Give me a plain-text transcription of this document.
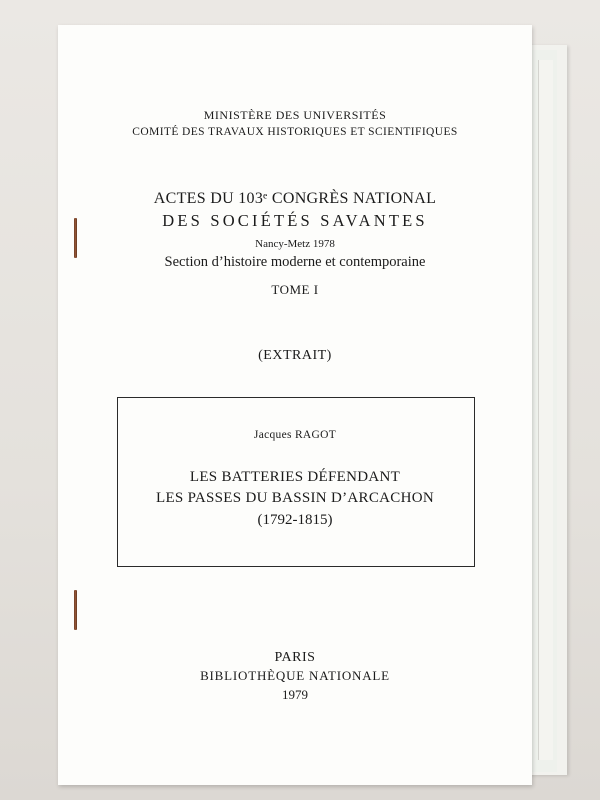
MINISTÈRE DES UNIVERSITÉS
COMITÉ DES TRAVAUX HISTORIQUES ET SCIENTIFIQUES
ACTES DU 103ᵉ CONGRÈS NATIONAL
DES SOCIÉTÉS SAVANTES
Nancy-Metz 1978
Section d’histoire moderne et contemporaine
TOME I
(EXTRAIT)
Jacques RAGOT
LES BATTERIES DÉFENDANT
LES PASSES DU BASSIN D’ARCACHON
(1792-1815)
PARIS
BIBLIOTHÈQUE NATIONALE
1979
